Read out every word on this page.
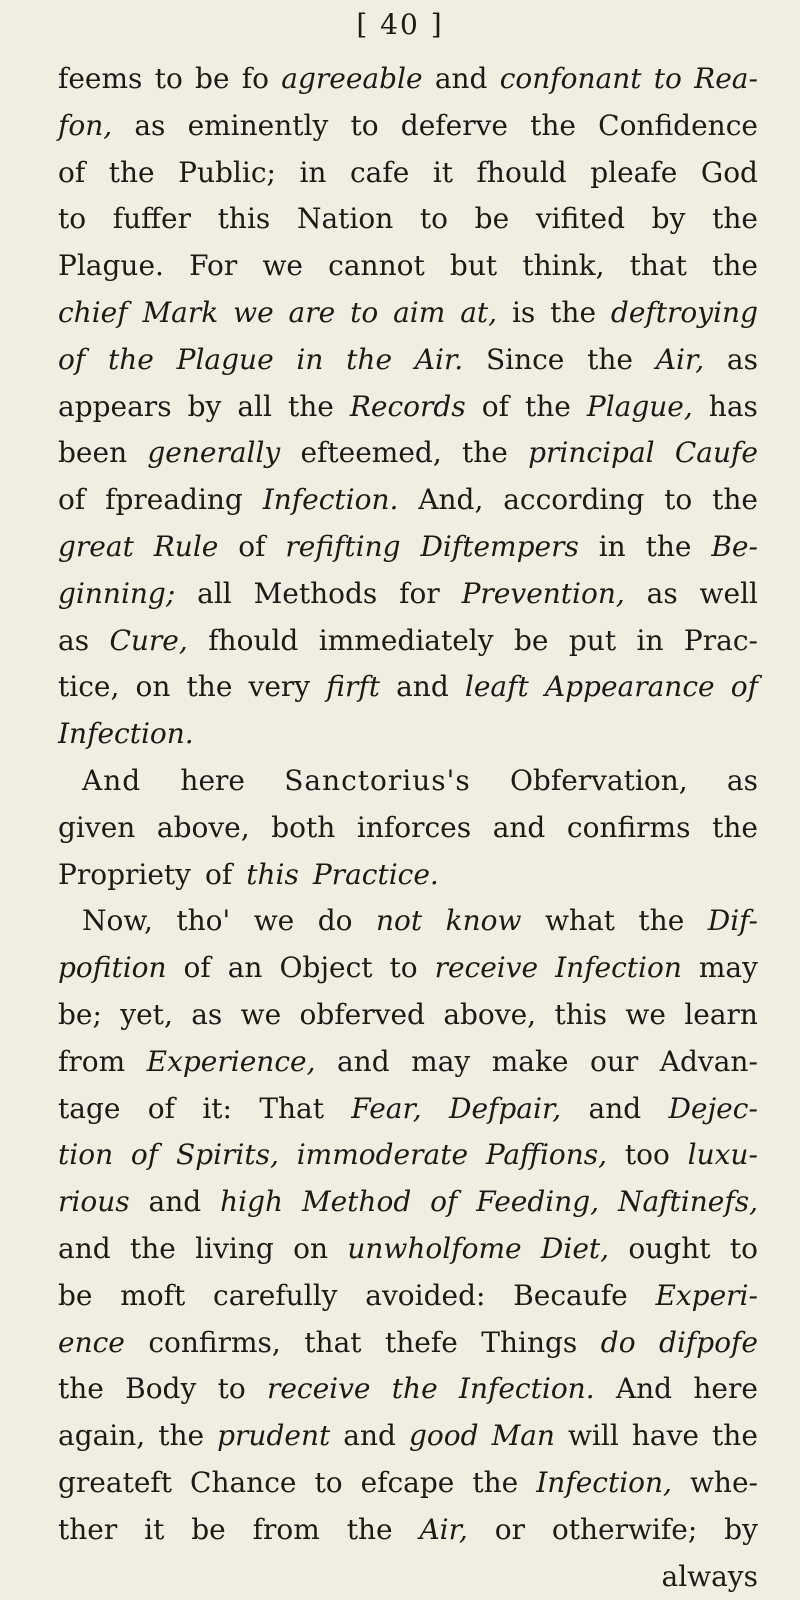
[ 40 ]
feems to be fo agreeable and confonant to Rea-
fon, as eminently to deferve the Confidence
of the Public; in cafe it fhould pleafe God
to fuffer this Nation to be vifited by the
Plague. For we cannot but think, that the
chief Mark we are to aim at, is the deftroying
of the Plague in the Air. Since the Air, as
appears by all the Records of the Plague, has
been generally efteemed, the principal Caufe
of fpreading Infection. And, according to the
great Rule of refifting Diftempers in the Be-
ginning; all Methods for Prevention, as well
as Cure, fhould immediately be put in Prac-
tice, on the very firft and leaft Appearance of
Infection.
And here Sanctorius's Obfervation, as
given above, both inforces and confirms the
Propriety of this Practice.
Now, tho' we do not know what the Dif-
pofition of an Object to receive Infection may
be; yet, as we obferved above, this we learn
from Experience, and may make our Advan-
tage of it: That Fear, Defpair, and Dejec-
tion of Spirits, immoderate Paffions, too luxu-
rious and high Method of Feeding, Naftinefs,
and the living on unwholfome Diet, ought to
be moft carefully avoided: Becaufe Experi-
ence confirms, that thefe Things do difpofe
the Body to receive the Infection. And here
again, the prudent and good Man will have the
greateft Chance to efcape the Infection, whe-
ther it be from the Air, or otherwife; by
always
